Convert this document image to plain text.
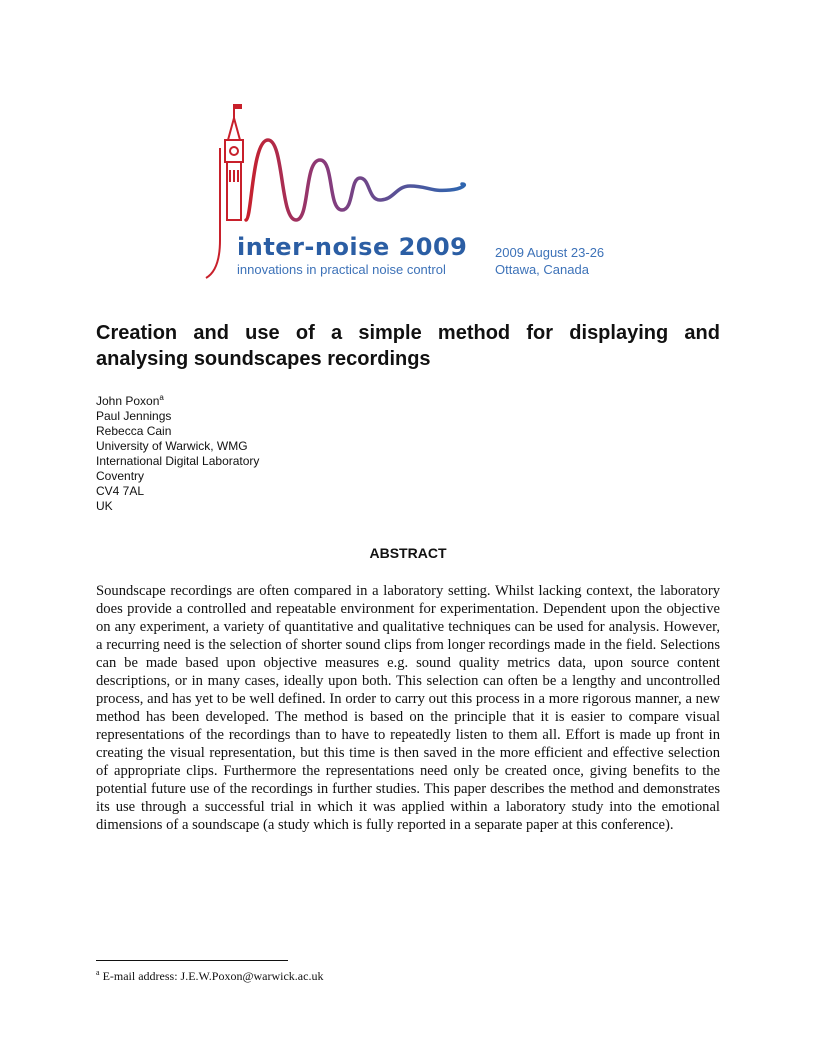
inter-noise 2009
innovations in practical noise control
2009 August 23-26
Ottawa, Canada
Creation and use of a simple method for displaying and analysing soundscapes recordings
John Poxon$^a$
Paul Jennings
Rebecca Cain
University of Warwick, WMG
International Digital Laboratory
Coventry
CV4 7AL
UK
ABSTRACT

Soundscape recordings are often compared in a laboratory setting. Whilst lacking context, the laboratory does provide a controlled and repeatable environment for experimentation. Dependent upon the objective on any experiment, a variety of quantitative and qualitative techniques can be used for analysis. However, a recurring need is the selection of shorter sound clips from longer recordings made in the field. Selections can be made based upon objective measures e.g. sound quality metrics data, upon source content descriptions, or in many cases, ideally upon both. This selection can often be a lengthy and uncontrolled process, and has yet to be well defined. In order to carry out this process in a more rigorous manner, a new method has been developed. The method is based on the principle that it is easier to compare visual representations of the recordings than to have to repeatedly listen to them all. Effort is made up front in creating the visual representation, but this time is then saved in the more efficient and effective selection of appropriate clips. Furthermore the representations need only be created once, giving benefits to the potential future use of the recordings in further studies. This paper describes the method and demonstrates its use through a successful trial in which it was applied within a laboratory study into the emotional dimensions of a soundscape (a study which is fully reported in a separate paper at this conference).

$^a$ E-mail address: J.E.W.Poxon@warwick.ac.uk
